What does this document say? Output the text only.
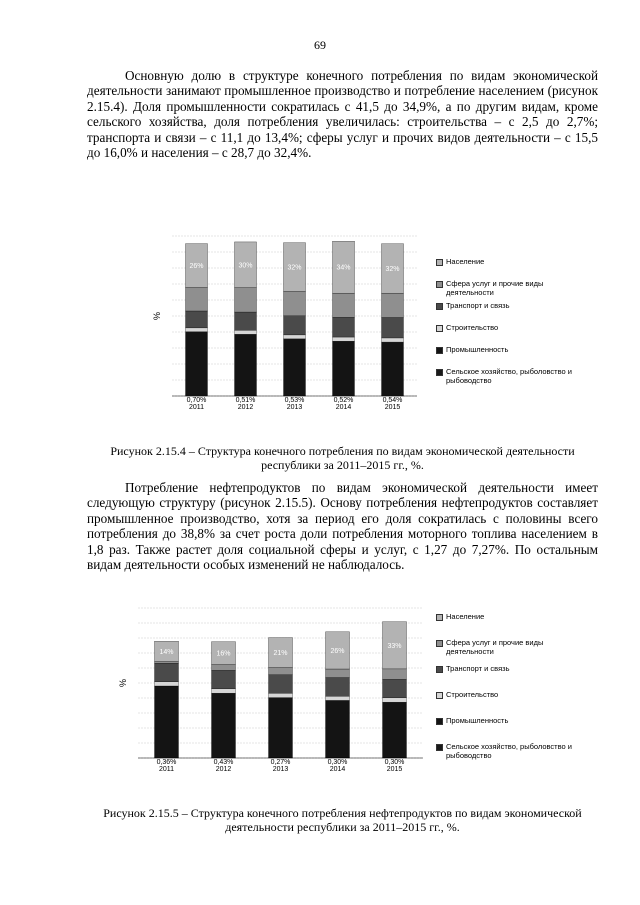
69

Основную долю в структуре конечного потребления по видам экономической деятельности занимают промышленное производство и потребление населением (рисунок 2.15.4). Доля промышленности сократилась с 41,5 до 34,9%, а по другим видам, кроме сельского хозяйства, доля потребления увеличилась: строительства – с 2,5 до 2,7%; транспорта и связи – с 11,1 до 13,4%; сферы услуг и прочих видов деятельности – с 15,5 до 16,0% и населения – с 28,7 до 32,4%.

%
0,70%
26%
2011
0,51%
30%
2012
0,53%
32%
2013
0,52%
34%
2014
0,54%
32%
2015
Население
Сфера услуг и прочие виды деятельности
Транспорт и связь
Строительство
Промышленность
Сельское хозяйство, рыболовство и рыбоводство
Рисунок 2.15.4 – Структура конечного потребления по видам экономической деятельности республики за 2011–2015 гг., %.

Потребление нефтепродуктов по видам экономической деятельности имеет следующую структуру (рисунок 2.15.5). Основу потребления нефтепродуктов составляет промышленное производство, хотя за период его доля сократилась с половины всего потребления до 38,8% за счет роста доли потребления моторного топлива населением в 1,8 раз. Также растет доля социальной сферы и услуг, с 1,27 до 7,27%. По остальным видам деятельности особых изменений не наблюдалось.

%
0,36%
14%
2011
0,43%
16%
2012
0,27%
21%
2013
0,30%
26%
2014
0,30%
33%
2015
Население
Сфера услуг и прочие виды деятельности
Транспорт и связь
Строительство
Промышленность
Сельское хозяйство, рыболовство и рыбоводство
Рисунок 2.15.5 – Структура конечного потребления нефтепродуктов по видам экономической деятельности республики за 2011–2015 гг., %.
